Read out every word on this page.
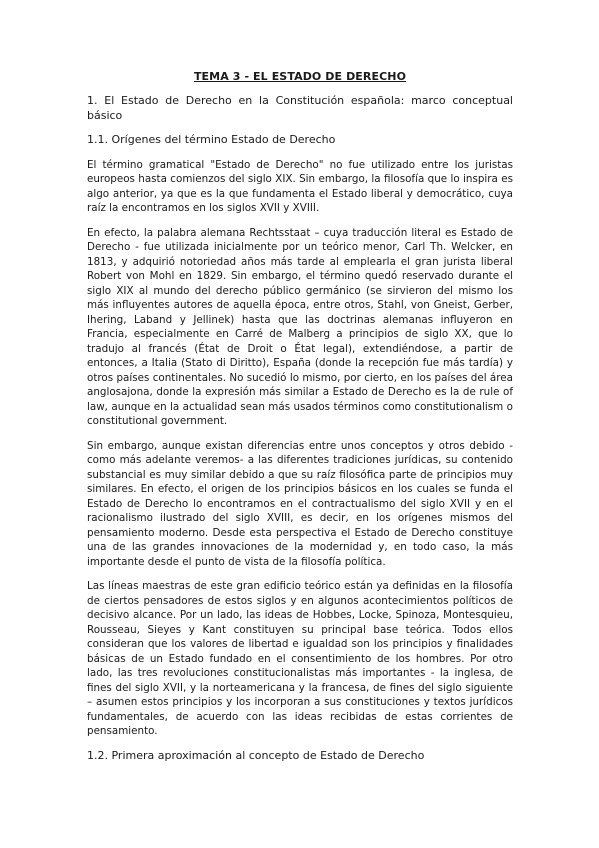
TEMA 3 - EL ESTADO DE DERECHO
1. El Estado de Derecho en la Constitución española: marco conceptual básico
1.1. Orígenes del término Estado de Derecho

El término gramatical "Estado de Derecho" no fue utilizado entre los juristas europeos hasta comienzos del siglo XIX. Sin embargo, la filosofía que lo inspira es algo anterior, ya que es la que fundamenta el Estado liberal y democrático, cuya raíz la encontramos en los siglos XVII y XVIII.

En efecto, la palabra alemana Rechtsstaat – cuya traducción literal es Estado de Derecho - fue utilizada inicialmente por un teórico menor, Carl Th. Welcker, en 1813, y adquirió notoriedad años más tarde al emplearla el gran jurista liberal Robert von Mohl en 1829. Sin embargo, el término quedó reservado durante el siglo XIX al mundo del derecho público germánico (se sirvieron del mismo los más influyentes autores de aquella época, entre otros, Stahl, von Gneist, Gerber, Ihering, Laband y Jellinek) hasta que las doctrinas alemanas influyeron en Francia, especialmente en Carré de Malberg a principios de siglo XX, que lo tradujo al francés (État de Droit o État legal), extendiéndose, a partir de entonces, a Italia (Stato di Diritto), España (donde la recepción fue más tardía) y otros países continentales. No sucedió lo mismo, por cierto, en los países del área anglosajona, donde la expresión más similar a Estado de Derecho es la de rule of law, aunque en la actualidad sean más usados términos como constitutionalism o constitutional government.

Sin embargo, aunque existan diferencias entre unos conceptos y otros debido - como más adelante veremos- a las diferentes tradiciones jurídicas, su contenido substancial es muy similar debido a que su raíz filosófica parte de principios muy similares. En efecto, el origen de los principios básicos en los cuales se funda el Estado de Derecho lo encontramos en el contractualismo del siglo XVII y en el racionalismo ilustrado del siglo XVIII, es decir, en los orígenes mismos del pensamiento moderno. Desde esta perspectiva el Estado de Derecho constituye una de las grandes innovaciones de la modernidad y, en todo caso, la más importante desde el punto de vista de la filosofía política.

Las líneas maestras de este gran edificio teórico están ya definidas en la filosofía de ciertos pensadores de estos siglos y en algunos acontecimientos políticos de decisivo alcance. Por un lado, las ideas de Hobbes, Locke, Spinoza, Montesquieu, Rousseau, Sieyes y Kant constituyen su principal base teórica. Todos ellos consideran que los valores de libertad e igualdad son los principios y finalidades básicas de un Estado fundado en el consentimiento de los hombres. Por otro lado, las tres revoluciones constitucionalistas más importantes - la inglesa, de fines del siglo XVII, y la norteamericana y la francesa, de fines del siglo siguiente – asumen estos principios y los incorporan a sus constituciones y textos jurídicos fundamentales, de acuerdo con las ideas recibidas de estas corrientes de pensamiento.

1.2. Primera aproximación al concepto de Estado de Derecho
